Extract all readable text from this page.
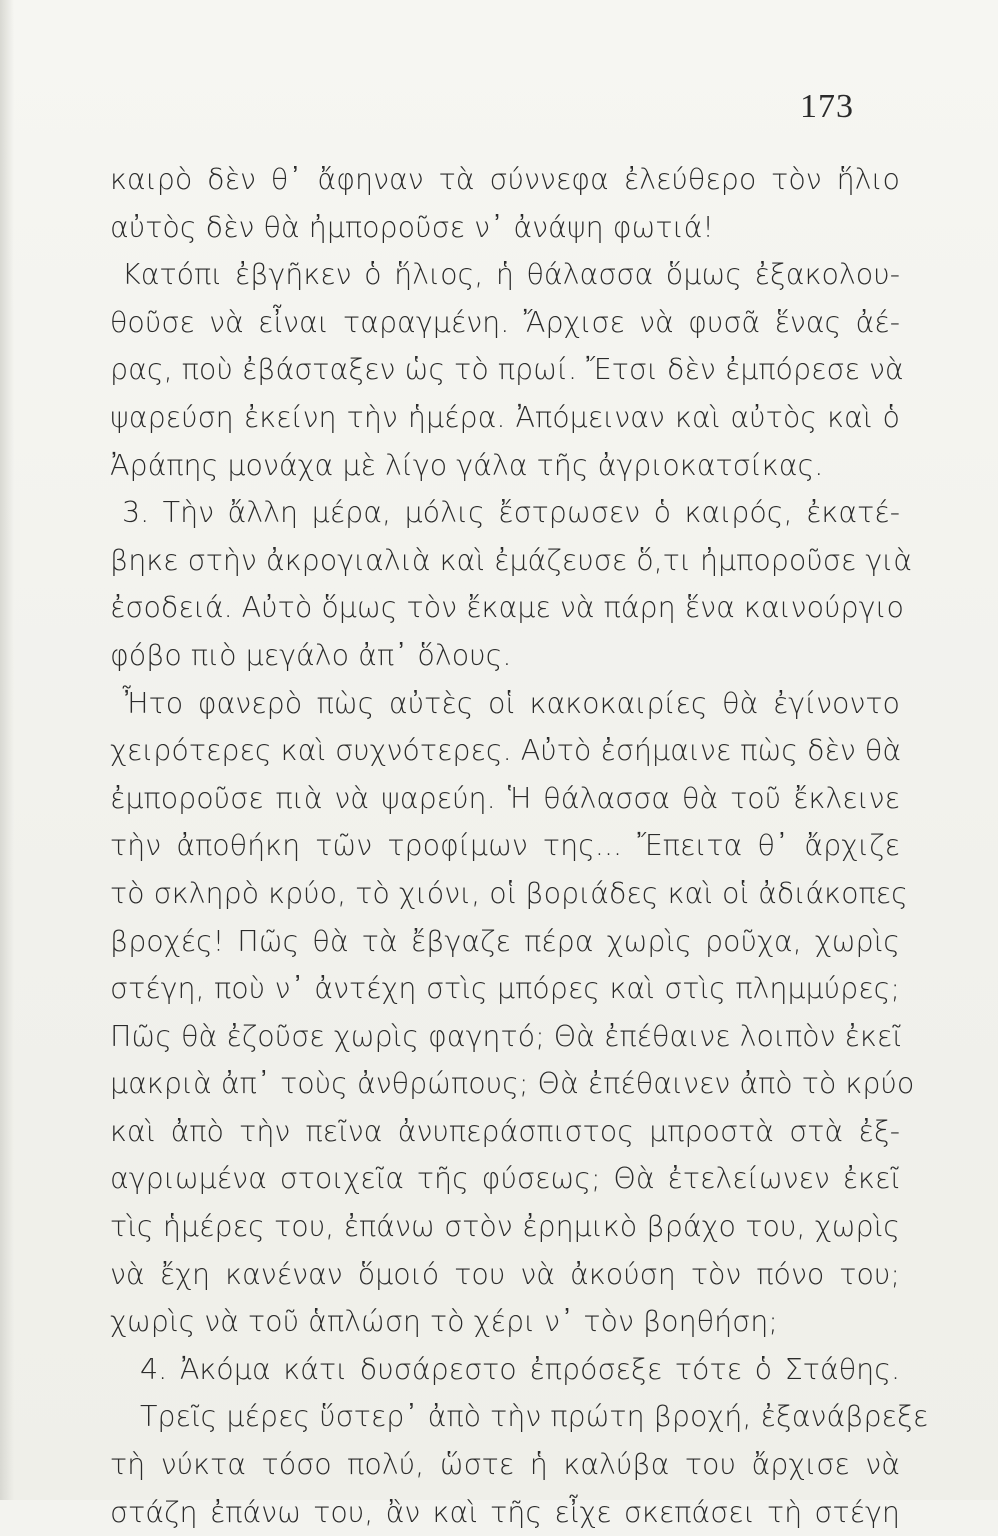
173
καιρὸ δὲν θ᾿ ἄφηναν τὰ σύννεφα ἐλεύθερο τὸν ἥλιο
αὐτὸς δὲν θὰ ἠμποροῦσε ν᾿ ἀνάψη φωτιά!
Κατόπι ἐβγῆκεν ὁ ἥλιος, ἡ θάλασσα ὅμως ἐξακολου-
θοῦσε νὰ εἶναι ταραγμένη. Ἄρχισε νὰ φυσᾶ ἕνας ἀέ-
ρας, ποὺ ἐβάσταξεν ὡς τὸ πρωί. Ἔτσι δὲν ἐμπόρεσε νὰ
ψαρεύση ἐκείνη τὴν ἡμέρα. Ἀπόμειναν καὶ αὐτὸς καὶ ὁ
Ἀράπης μονάχα μὲ λίγο γάλα τῆς ἀγριοκατσίκας.
3. Τὴν ἄλλη μέρα, μόλις ἔστρωσεν ὁ καιρός, ἐκατέ-
βηκε στὴν ἀκρογιαλιὰ καὶ ἐμάζευσε ὅ,τι ἠμποροῦσε γιὰ
ἐσοδειά. Αὐτὸ ὅμως τὸν ἔκαμε νὰ πάρη ἕνα καινούργιο
φόβο πιὸ μεγάλο ἀπ᾿ ὅλους.
Ἦτο φανερὸ πὼς αὐτὲς οἱ κακοκαιρίες θὰ ἐγίνοντο
χειρότερες καὶ συχνότερες. Αὐτὸ ἐσήμαινε πὼς δὲν θὰ
ἐμποροῦσε πιὰ νὰ ψαρεύη. Ἡ θάλασσα θὰ τοῦ ἔκλεινε
τὴν ἀποθήκη τῶν τροφίμων της... Ἔπειτα θ᾿ ἄρχιζε
τὸ σκληρὸ κρύο, τὸ χιόνι, οἱ βοριάδες καὶ οἱ ἀδιάκοπες
βροχές! Πῶς θὰ τὰ ἔβγαζε πέρα χωρὶς ροῦχα, χωρὶς
στέγη, ποὺ ν᾿ ἀντέχη στὶς μπόρες καὶ στὶς πλημμύρες;
Πῶς θὰ ἐζοῦσε χωρὶς φαγητό; Θὰ ἐπέθαινε λοιπὸν ἐκεῖ
μακριὰ ἀπ᾿ τοὺς ἀνθρώπους; Θὰ ἐπέθαινεν ἀπὸ τὸ κρύο
καὶ ἀπὸ τὴν πεῖνα ἀνυπεράσπιστος μπροστὰ στὰ ἐξ-
αγριωμένα στοιχεῖα τῆς φύσεως; Θὰ ἐτελείωνεν ἐκεῖ
τὶς ἡμέρες του, ἐπάνω στὸν ἐρημικὸ βράχο του, χωρὶς
νὰ ἔχη κανέναν ὅμοιό του νὰ ἀκούση τὸν πόνο του;
χωρὶς νὰ τοῦ ἁπλώση τὸ χέρι ν᾿ τὸν βοηθήση;
4. Ἀκόμα κάτι δυσάρεστο ἐπρόσεξε τότε ὁ Στάθης.
Τρεῖς μέρες ὕστερ᾿ ἀπὸ τὴν πρώτη βροχή, ἐξανάβρεξε
τὴ νύκτα τόσο πολύ, ὥστε ἡ καλύβα του ἄρχισε νὰ
στάζη ἐπάνω του, ἂν καὶ τῆς εἶχε σκεπάσει τὴ στέγη
